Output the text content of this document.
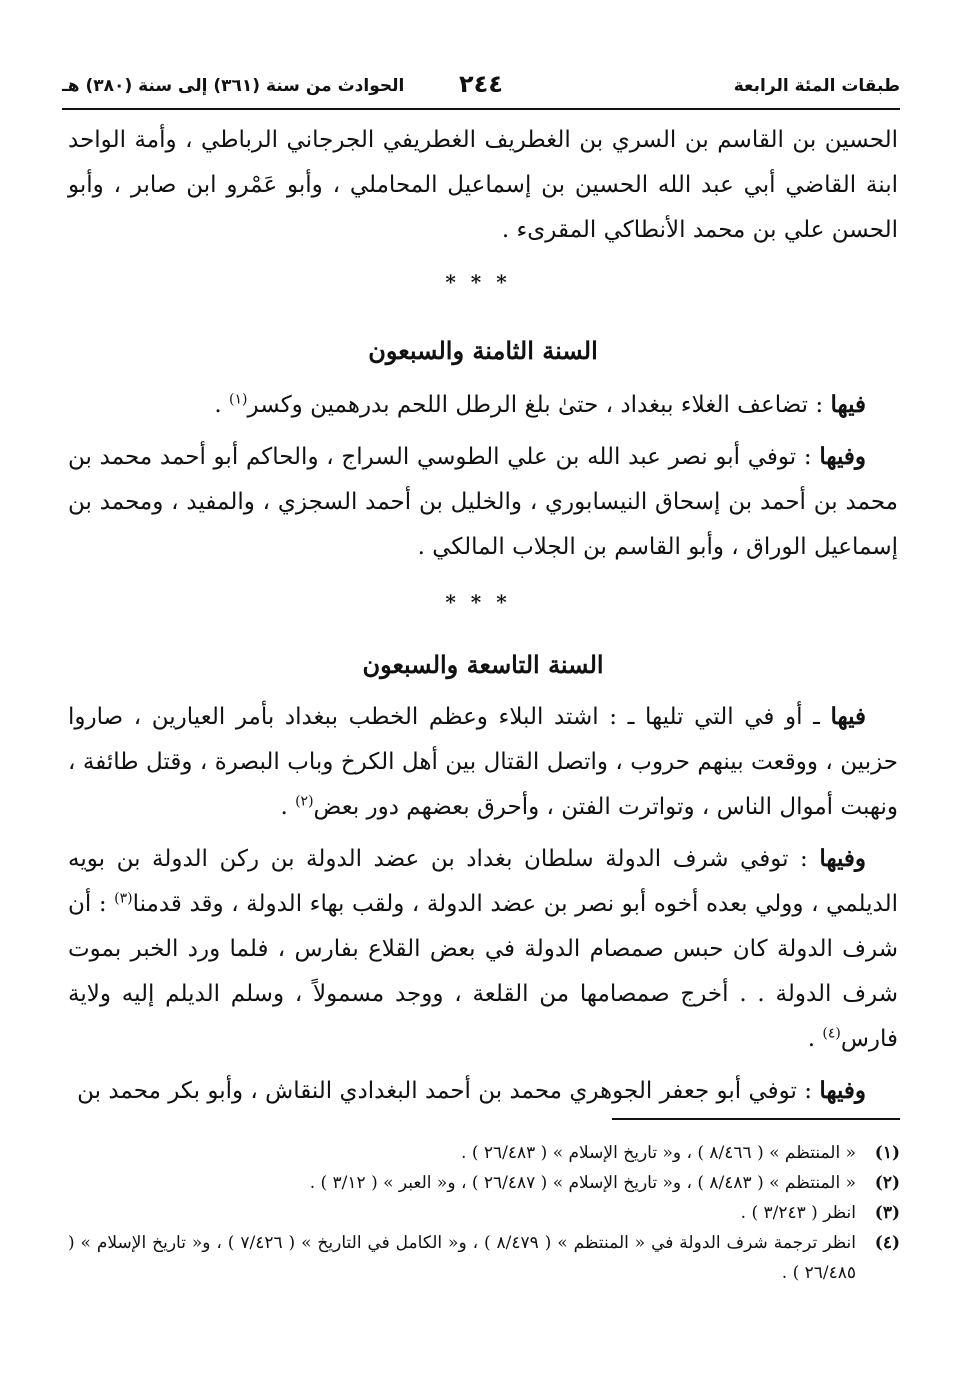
طبقات المئة الرابعة
٢٤٤
الحوادث من سنة (٣٦١) إلى سنة (٣٨٠) هـ

الحسين بن القاسم بن السري بن الغطريف الغطريفي الجرجاني الرباطي ، وأمة الواحد ابنة القاضي أبي عبد الله الحسين بن إسماعيل المحاملي ، وأبو عَمْرو ابن صابر ، وأبو الحسن علي بن محمد الأنطاكي المقرىء .

* * *
السنة الثامنة والسبعون

فيها : تضاعف الغلاء ببغداد ، حتىٰ بلغ الرطل اللحم بدرهمين وكسر$^{(١)}$ .

وفيها : توفي أبو نصر عبد الله بن علي الطوسي السراج ، والحاكم أبو أحمد محمد بن محمد بن أحمد بن إسحاق النيسابوري ، والخليل بن أحمد السجزي ، والمفيد ، ومحمد بن إسماعيل الوراق ، وأبو القاسم بن الجلاب المالكي .

* * *
السنة التاسعة والسبعون

فيها ـ أو في التي تليها ـ : اشتد البلاء وعظم الخطب ببغداد بأمر العيارين ، صاروا حزبين ، ووقعت بينهم حروب ، واتصل القتال بين أهل الكرخ وباب البصرة ، وقتل طائفة ، ونهبت أموال الناس ، وتواترت الفتن ، وأحرق بعضهم دور بعض$^{(٢)}$ .

وفيها : توفي شرف الدولة سلطان بغداد بن عضد الدولة بن ركن الدولة بن بويه الديلمي ، وولي بعده أخوه أبو نصر بن عضد الدولة ، ولقب بهاء الدولة ، وقد قدمنا$^{(٣)}$ : أن شرف الدولة كان حبس صمصام الدولة في بعض القلاع بفارس ، فلما ورد الخبر بموت شرف الدولة . . أخرج صمصامها من القلعة ، ووجد مسمولاً ، وسلم الديلم إليه ولاية فارس$^{(٤)}$ .

وفيها : توفي أبو جعفر الجوهري محمد بن أحمد البغدادي النقاش ، وأبو بكر محمد بن

(١)
« المنتظم » ( ٨/٤٦٦ ) ، و« تاريخ الإسلام » ( ٢٦/٤٨٣ ) .
(٢)
« المنتظم » ( ٨/٤٨٣ ) ، و« تاريخ الإسلام » ( ٢٦/٤٨٧ ) ، و« العبر » ( ٣/١٢ ) .
(٣)
انظر ( ٣/٢٤٣ ) .
(٤)
انظر ترجمة شرف الدولة في « المنتظم » ( ٨/٤٧٩ ) ، و« الكامل في التاريخ » ( ٧/٤٢٦ ) ، و« تاريخ الإسلام » ( ٢٦/٤٨٥ ) .
